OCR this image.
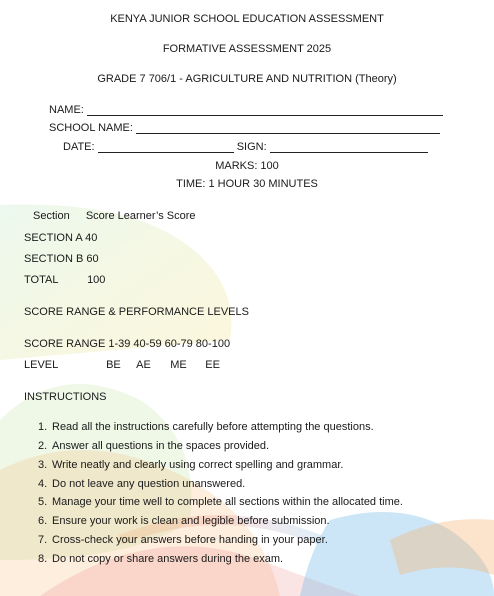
KENYA JUNIOR SCHOOL EDUCATION ASSESSMENT
FORMATIVE ASSESSMENT 2025
GRADE 7 706/1 - AGRICULTURE AND NUTRITION (Theory)
NAME:
SCHOOL NAME:
DATE:	SIGN:
MARKS: 100
TIME: 1 HOUR 30 MINUTES
Section Score Learner’s Score
SECTION A 40
SECTION B 60
TOTAL	100
SCORE RANGE & PERFORMANCE LEVELS
SCORE RANGE 1-39 40-59 60-79 80-100
LEVEL	BE AE ME EE
INSTRUCTIONS
1. Read all the instructions carefully before attempting the questions.
2. Answer all questions in the spaces provided.
3. Write neatly and clearly using correct spelling and grammar.
4. Do not leave any question unanswered.
5. Manage your time well to complete all sections within the allocated time.
6. Ensure your work is clean and legible before submission.
7. Cross-check your answers before handing in your paper.
8. Do not copy or share answers during the exam.
